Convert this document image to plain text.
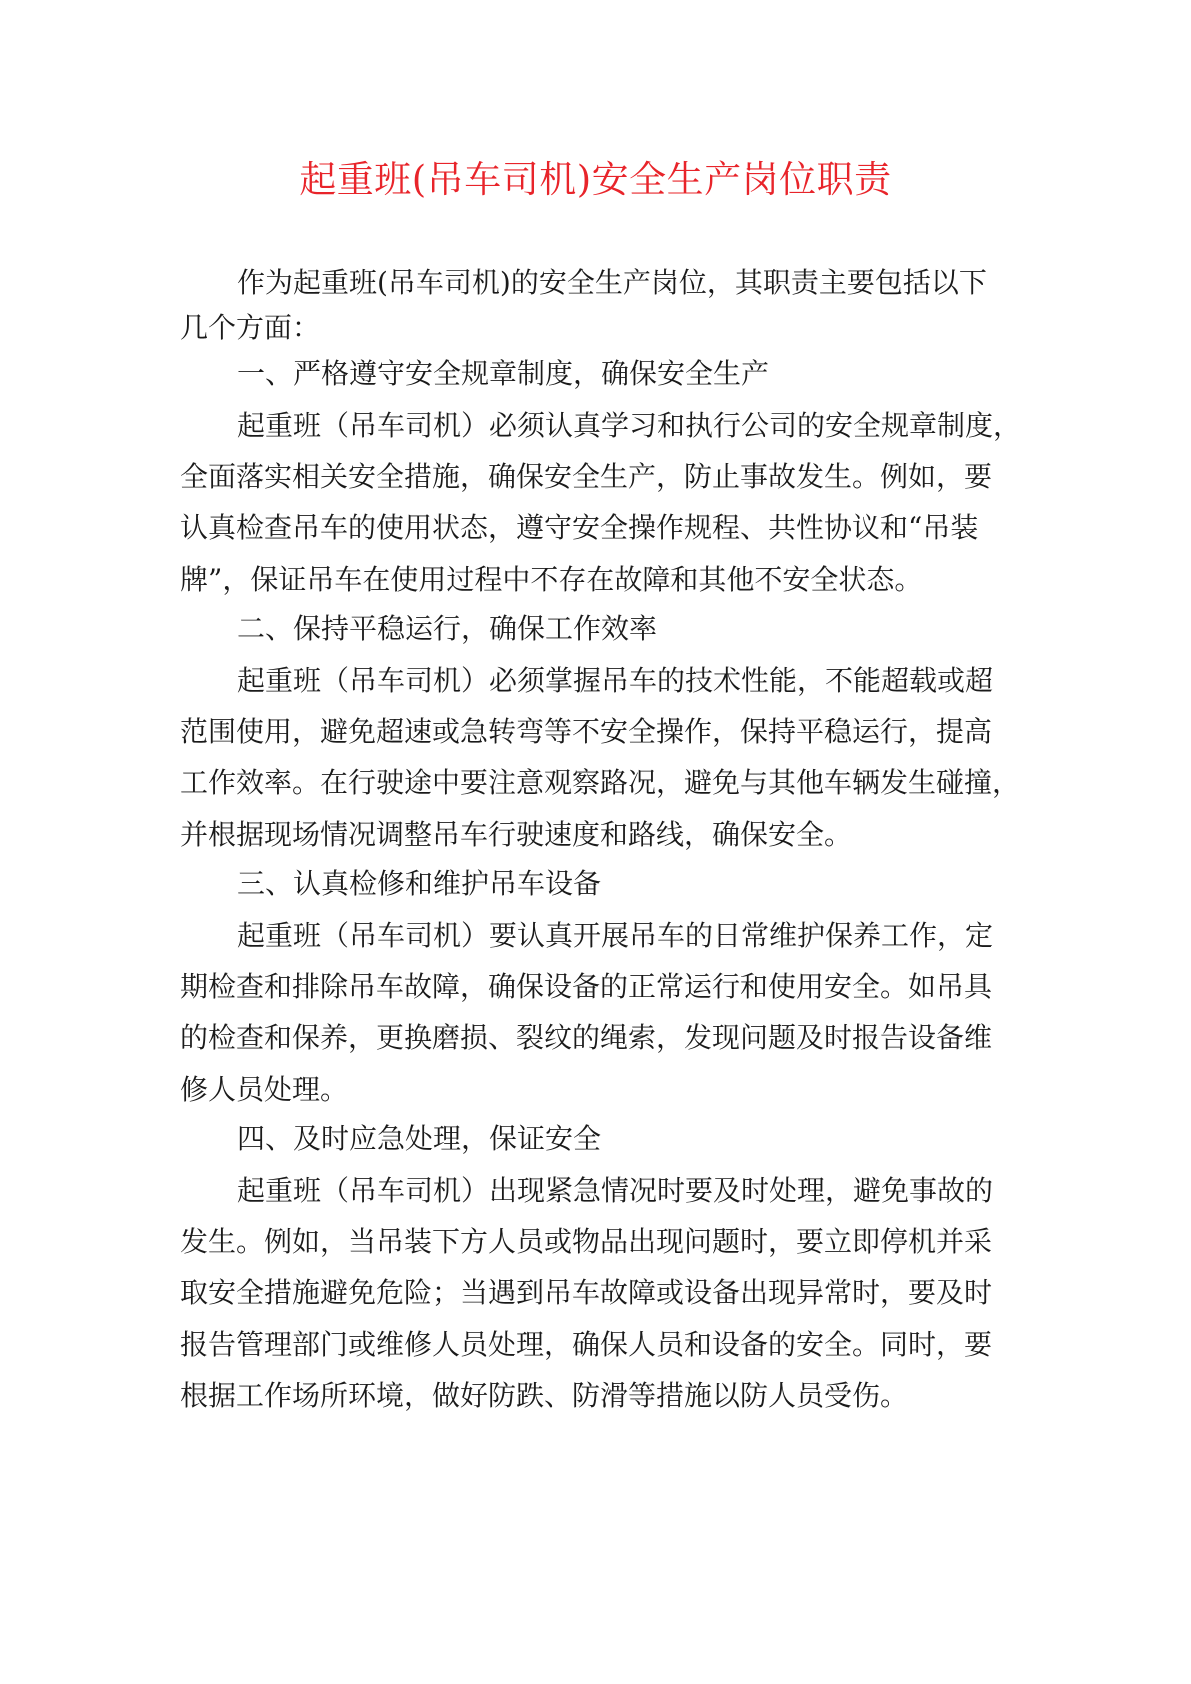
起重班(吊车司机)安全生产岗位职责
作为起重班(吊车司机)的安全生产岗位，其职责主要包括以下
几个方面：
一、严格遵守安全规章制度，确保安全生产
起重班（吊车司机）必须认真学习和执行公司的安全规章制度，
全面落实相关安全措施，确保安全生产，防止事故发生。例如，要
认真检查吊车的使用状态，遵守安全操作规程、共性协议和“吊装
牌”，保证吊车在使用过程中不存在故障和其他不安全状态。
二、保持平稳运行，确保工作效率
起重班（吊车司机）必须掌握吊车的技术性能，不能超载或超
范围使用，避免超速或急转弯等不安全操作，保持平稳运行，提高
工作效率。在行驶途中要注意观察路况，避免与其他车辆发生碰撞，
并根据现场情况调整吊车行驶速度和路线，确保安全。
三、认真检修和维护吊车设备
起重班（吊车司机）要认真开展吊车的日常维护保养工作，定
期检查和排除吊车故障，确保设备的正常运行和使用安全。如吊具
的检查和保养，更换磨损、裂纹的绳索，发现问题及时报告设备维
修人员处理。
四、及时应急处理，保证安全
起重班（吊车司机）出现紧急情况时要及时处理，避免事故的
发生。例如，当吊装下方人员或物品出现问题时，要立即停机并采
取安全措施避免危险；当遇到吊车故障或设备出现异常时，要及时
报告管理部门或维修人员处理，确保人员和设备的安全。同时，要
根据工作场所环境，做好防跌、防滑等措施以防人员受伤。
